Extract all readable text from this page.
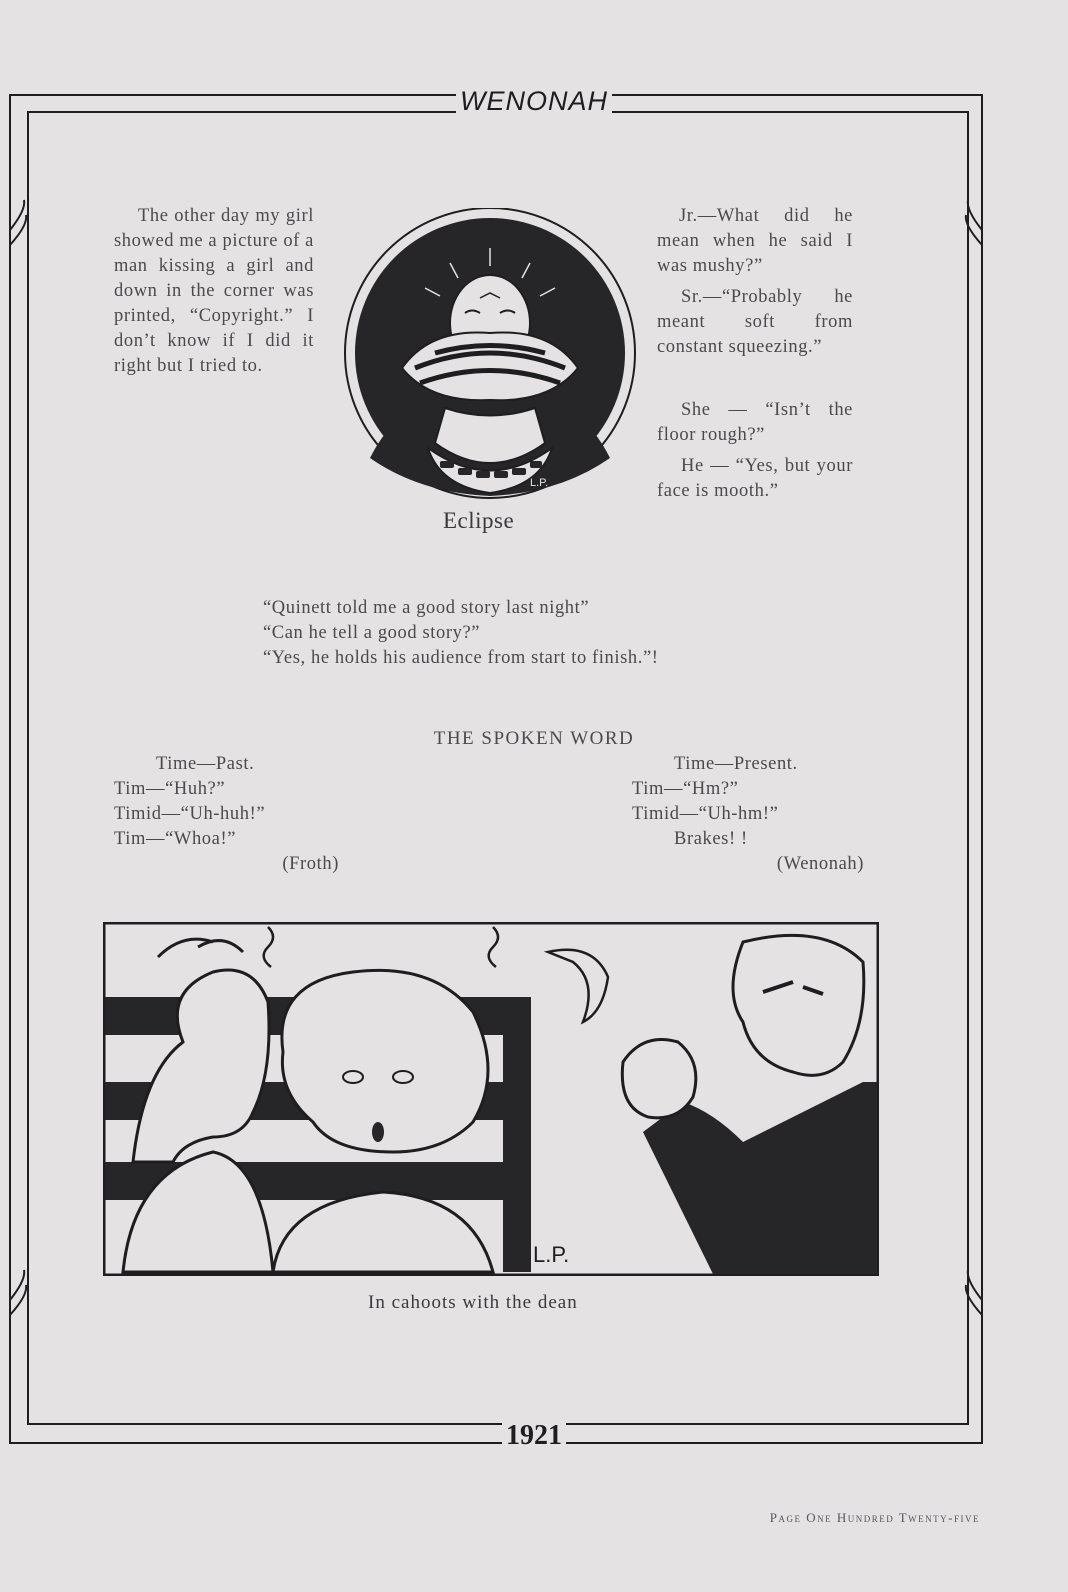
WENONAH
1921

The other day my girl showed me a picture of a man kissing a girl and down in the corner was printed, “Copyright.” I don’t know if I did it right but I tried to.

L.P.
Eclipse

Jr.—What did he mean when he said I was mushy?”

Sr.—“Probably he meant soft from constant squeezing.”

She — “Isn’t the floor rough?”

He — “Yes, but your face is mooth.”

“Quinett told me a good story last night”
“Can he tell a good story?”
“Yes, he holds his audience from start to finish.”!
THE SPOKEN WORD
Time—Past.
Tim—“Huh?”
Timid—“Uh-huh!”
Tim—“Whoa!”
(Froth)
Time—Present.
Tim—“Hm?”
Timid—“Uh-hm!”
Brakes! !
(Wenonah)
L.P.
In cahoots with the dean
Page One Hundred Twenty-five
